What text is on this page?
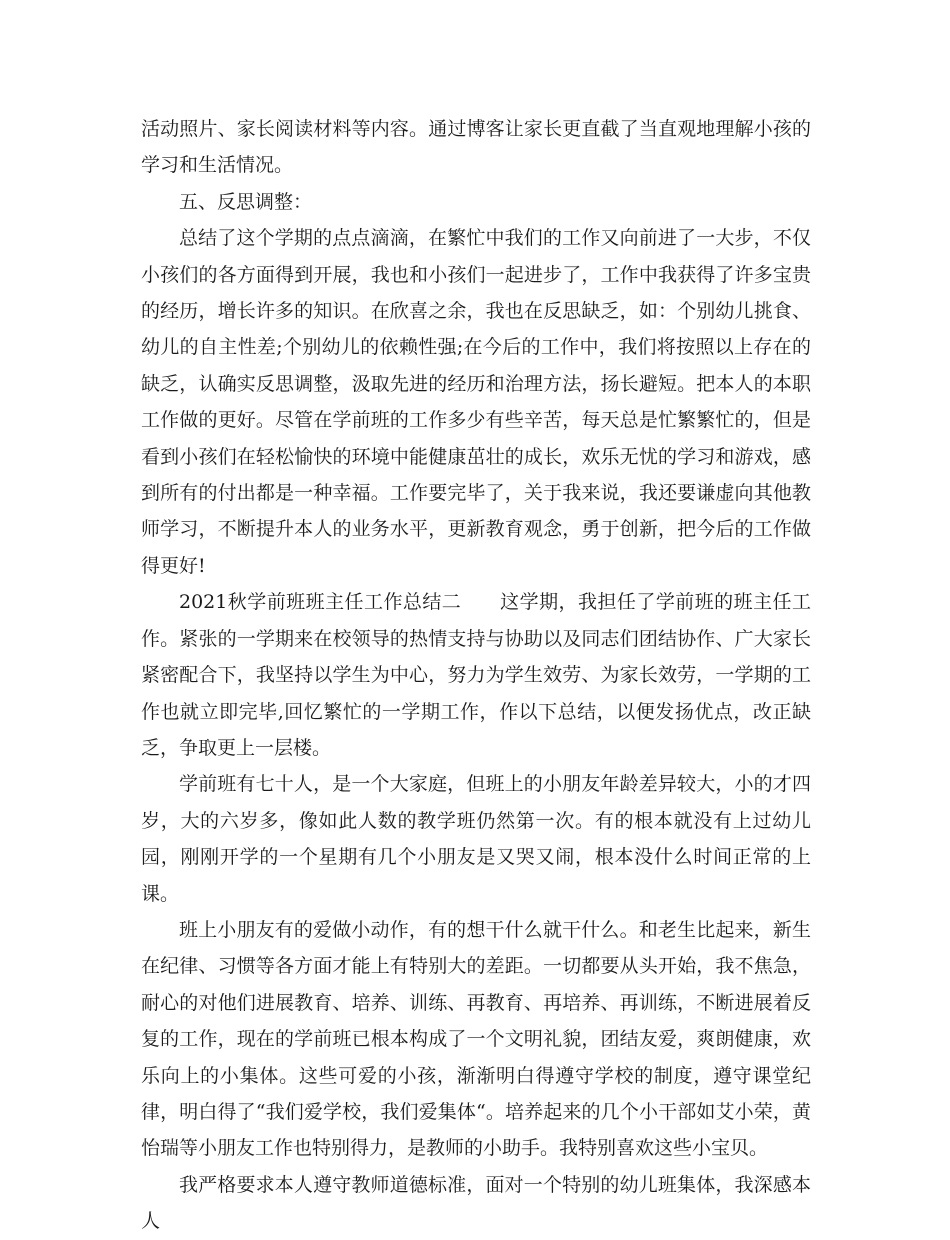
活动照片、家长阅读材料等内容。通过博客让家长更直截了当直观地理解小孩的学习和生活情况。

五、反思调整：

总结了这个学期的点点滴滴，在繁忙中我们的工作又向前进了一大步，不仅小孩们的各方面得到开展，我也和小孩们一起进步了，工作中我获得了许多宝贵的经历，增长许多的知识。在欣喜之余，我也在反思缺乏，如：个别幼儿挑食、幼儿的自主性差;个别幼儿的依赖性强;在今后的工作中，我们将按照以上存在的缺乏，认确实反思调整，汲取先进的经历和治理方法，扬长避短。把本人的本职工作做的更好。尽管在学前班的工作多少有些辛苦，每天总是忙繁繁忙的，但是看到小孩们在轻松愉快的环境中能健康茁壮的成长，欢乐无忧的学习和游戏，感到所有的付出都是一种幸福。工作要完毕了，关于我来说，我还要谦虚向其他教师学习，不断提升本人的业务水平，更新教育观念，勇于创新，把今后的工作做得更好!

2021秋学前班班主任工作总结二　　这学期，我担任了学前班的班主任工作。紧张的一学期来在校领导的热情支持与协助以及同志们团结协作、广大家长紧密配合下，我坚持以学生为中心，努力为学生效劳、为家长效劳，一学期的工作也就立即完毕,回忆繁忙的一学期工作，作以下总结，以便发扬优点，改正缺乏，争取更上一层楼。

学前班有七十人，是一个大家庭，但班上的小朋友年龄差异较大，小的才四岁，大的六岁多，像如此人数的教学班仍然第一次。有的根本就没有上过幼儿园，刚刚开学的一个星期有几个小朋友是又哭又闹，根本没什么时间正常的上课。

班上小朋友有的爱做小动作，有的想干什么就干什么。和老生比起来，新生在纪律、习惯等各方面才能上有特别大的差距。一切都要从头开始，我不焦急，耐心的对他们进展教育、培养、训练、再教育、再培养、再训练，不断进展着反复的工作，现在的学前班已根本构成了一个文明礼貌，团结友爱，爽朗健康，欢乐向上的小集体。这些可爱的小孩，渐渐明白得遵守学校的制度，遵守课堂纪律，明白得了“我们爱学校，我们爱集体“。培养起来的几个小干部如艾小荣，黄怡瑞等小朋友工作也特别得力，是教师的小助手。我特别喜欢这些小宝贝。

我严格要求本人遵守教师道德标准，面对一个特别的幼儿班集体，我深感本人
